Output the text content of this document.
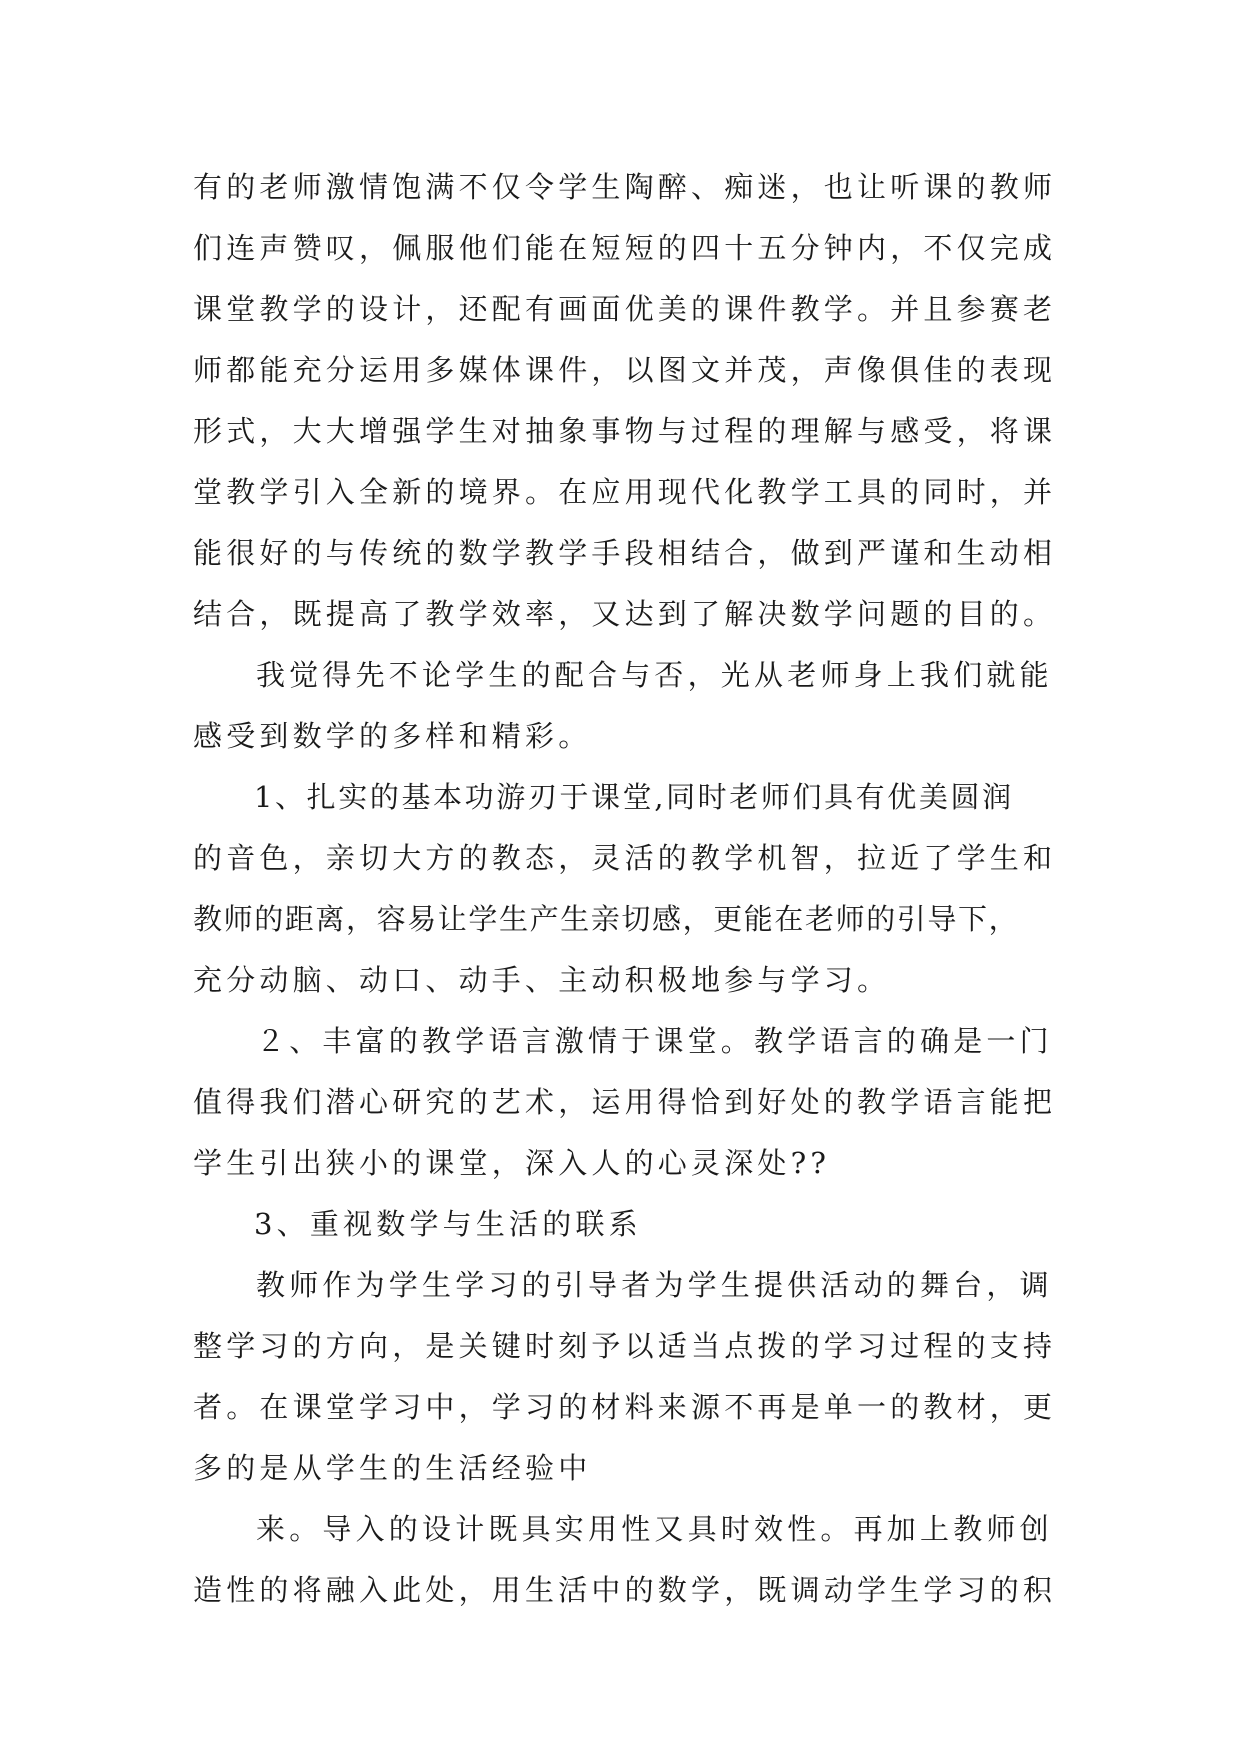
有的老师激情饱满不仅令学生陶醉、痴迷，也让听课的教师

们连声赞叹，佩服他们能在短短的四十五分钟内，不仅完成

课堂教学的设计，还配有画面优美的课件教学。并且参赛老

师都能充分运用多媒体课件，以图文并茂，声像俱佳的表现

形式，大大增强学生对抽象事物与过程的理解与感受，将课

堂教学引入全新的境界。在应用现代化教学工具的同时，并

能很好的与传统的数学教学手段相结合，做到严谨和生动相

结合，既提高了教学效率，又达到了解决数学问题的目的。

我觉得先不论学生的配合与否，光从老师身上我们就能

感受到数学的多样和精彩。

1、扎实的基本功游刃于课堂,同时老师们具有优美圆润

的音色，亲切大方的教态，灵活的教学机智，拉近了学生和

教师的距离，容易让学生产生亲切感，更能在老师的引导下，

充分动脑、动口、动手、主动积极地参与学习。

２、丰富的教学语言激情于课堂。教学语言的确是一门

值得我们潜心研究的艺术，运用得恰到好处的教学语言能把

学生引出狭小的课堂，深入人的心灵深处??

3、重视数学与生活的联系

教师作为学生学习的引导者为学生提供活动的舞台，调

整学习的方向，是关键时刻予以适当点拨的学习过程的支持

者。在课堂学习中，学习的材料来源不再是单一的教材，更

多的是从学生的生活经验中

来。导入的设计既具实用性又具时效性。再加上教师创

造性的将融入此处，用生活中的数学，既调动学生学习的积
